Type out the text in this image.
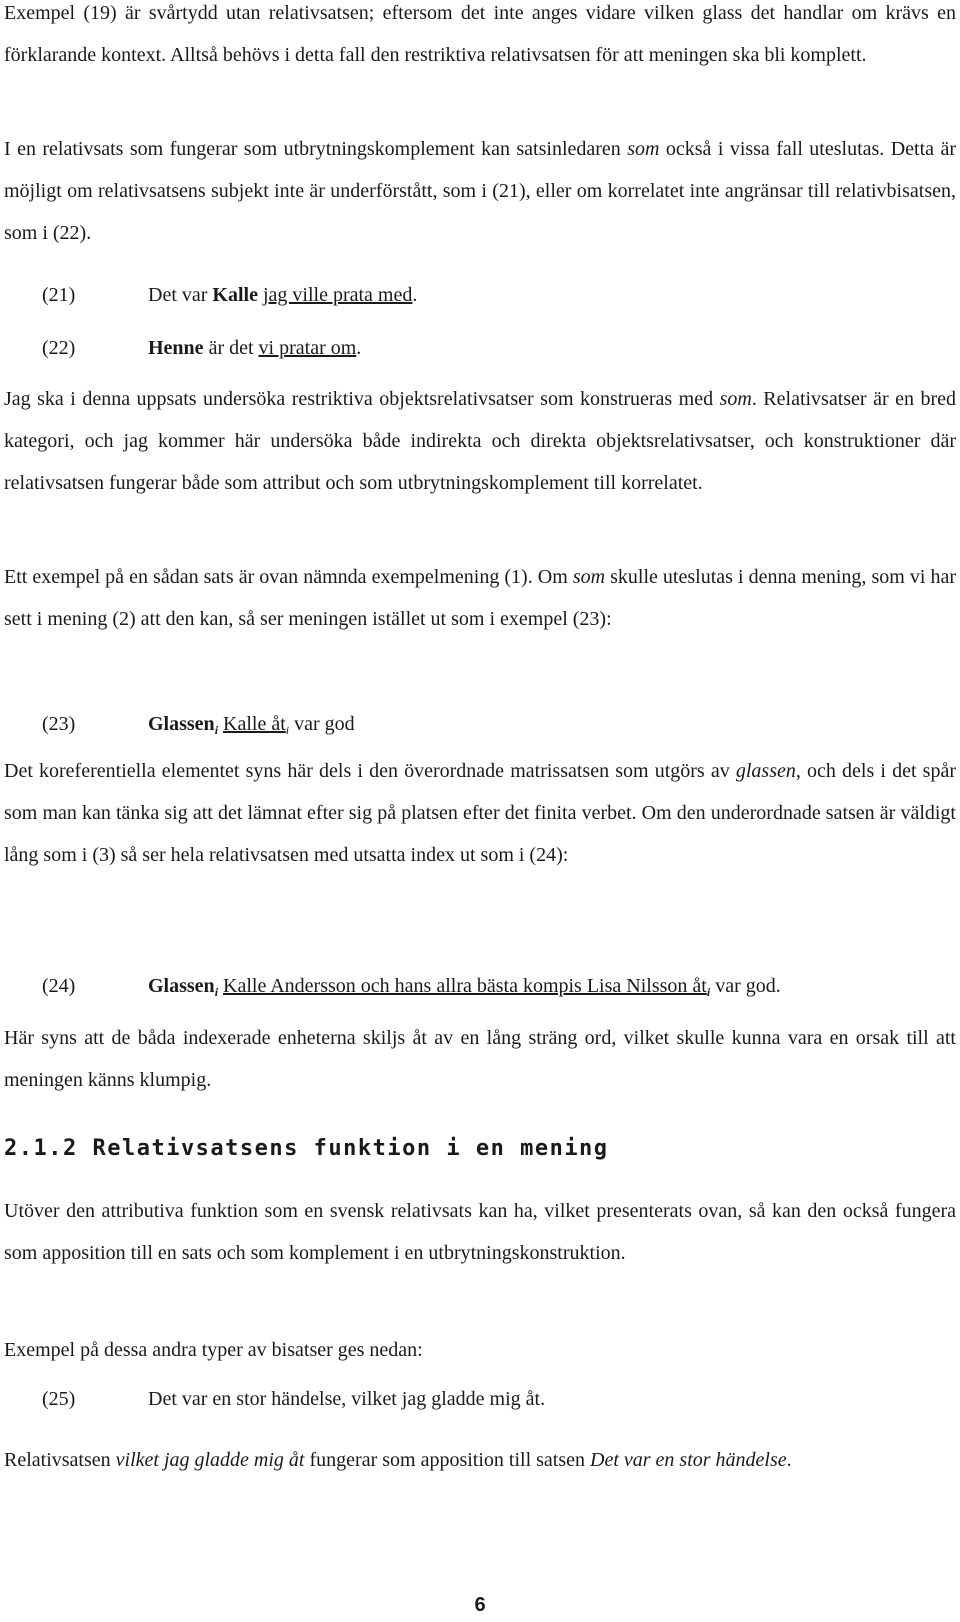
Exempel (19) är svårtydd utan relativsatsen; eftersom det inte anges vidare vilken glass det handlar om krävs en förklarande kontext. Alltså behövs i detta fall den restriktiva relativsatsen för att meningen ska bli komplett.

I en relativsats som fungerar som utbrytningskomplement kan satsinledaren som också i vissa fall uteslutas. Detta är möjligt om relativsatsens subjekt inte är underförstått, som i (21), eller om korrelatet inte angränsar till relativbisatsen, som i (22).

(21)	Det var Kalle jag ville prata med.
(22)	Henne är det vi pratar om.

Jag ska i denna uppsats undersöka restriktiva objektsrelativsatser som konstrueras med som. Relativsatser är en bred kategori, och jag kommer här undersöka både indirekta och direkta objektsrelativsatser, och konstruktioner där relativsatsen fungerar både som attribut och som utbrytningskomplement till korrelatet.

Ett exempel på en sådan sats är ovan nämnda exempelmening (1). Om som skulle uteslutas i denna mening, som vi har sett i mening (2) att den kan, så ser meningen istället ut som i exempel (23):

(23)	Glassen$_i$ Kalle $åt_i$ var god

Det koreferentiella elementet syns här dels i den överordnade matrissatsen som utgörs av glassen, och dels i det spår som man kan tänka sig att det lämnat efter sig på platsen efter det finita verbet. Om den underordnade satsen är väldigt lång som i (3) så ser hela relativsatsen med utsatta index ut som i (24):

(24)	Glassen$_i$ Kalle Andersson och hans allra bästa kompis Lisa Nilsson $åt_i$ var god.

Här syns att de båda indexerade enheterna skiljs åt av en lång sträng ord, vilket skulle kunna vara en orsak till att meningen känns klumpig.

2.1.2 Relativsatsens funktion i en mening

Utöver den attributiva funktion som en svensk relativsats kan ha, vilket presenterats ovan, så kan den också fungera som apposition till en sats och som komplement i en utbrytningskonstruktion.

Exempel på dessa andra typer av bisatser ges nedan:

(25)	Det var en stor händelse, vilket jag gladde mig åt.

Relativsatsen vilket jag gladde mig åt fungerar som apposition till satsen Det var en stor händelse.

6
